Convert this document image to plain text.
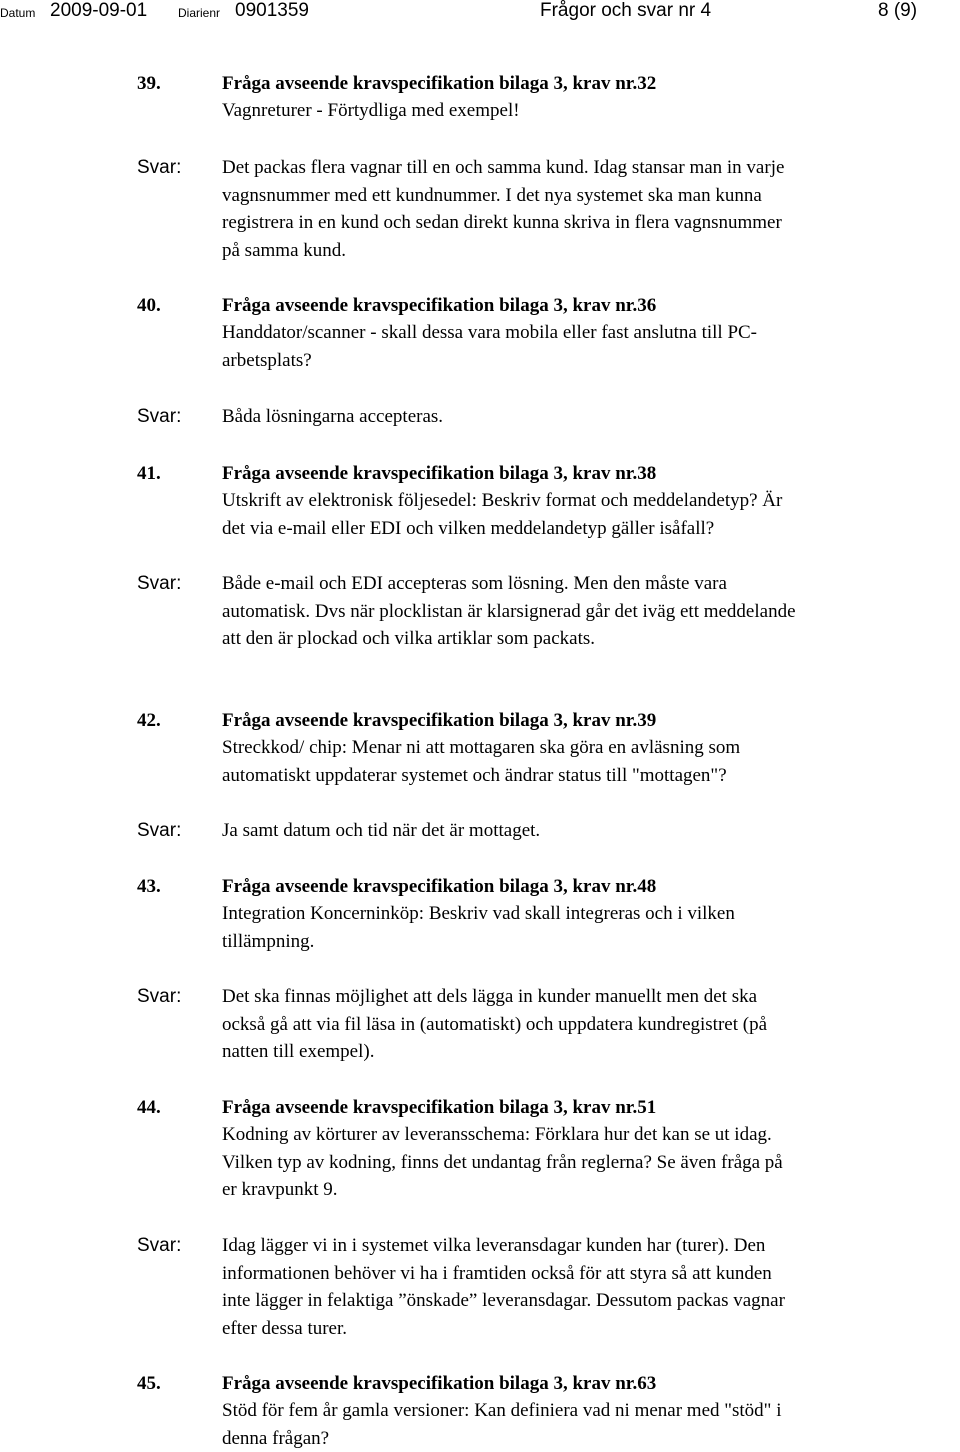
Datum 2009-09-01	Diarienr 0901359	Frågor och svar nr 4	8 (9)
39.	Fråga avseende kravspecifikation bilaga 3, krav nr.32
Vagnreturer - Förtydliga med exempel!
Svar: Det packas flera vagnar till en och samma kund. Idag stansar man in varje
vagnsnummer med ett kundnummer. I det nya systemet ska man kunna
registrera in en kund och sedan direkt kunna skriva in flera vagnsnummer
på samma kund.
40.	Fråga avseende kravspecifikation bilaga 3, krav nr.36
Handdator/scanner - skall dessa vara mobila eller fast anslutna till PC-
arbetsplats?
Svar: Båda lösningarna accepteras.
41.	Fråga avseende kravspecifikation bilaga 3, krav nr.38
Utskrift av elektronisk följesedel: Beskriv format och meddelandetyp? Är
det via e-mail eller EDI och vilken meddelandetyp gäller isåfall?
Svar: Både e-mail och EDI accepteras som lösning. Men den måste vara
automatisk. Dvs när plocklistan är klarsignerad går det iväg ett meddelande
att den är plockad och vilka artiklar som packats.
42.	Fråga avseende kravspecifikation bilaga 3, krav nr.39
Streckkod/ chip: Menar ni att mottagaren ska göra en avläsning som
automatiskt uppdaterar systemet och ändrar status till "mottagen"?
Svar: Ja samt datum och tid när det är mottaget.
43.	Fråga avseende kravspecifikation bilaga 3, krav nr.48
Integration Koncerninköp: Beskriv vad skall integreras och i vilken
tillämpning.
Svar: Det ska finnas möjlighet att dels lägga in kunder manuellt men det ska
också gå att via fil läsa in (automatiskt) och uppdatera kundregistret (på
natten till exempel).
44.	Fråga avseende kravspecifikation bilaga 3, krav nr.51
Kodning av körturer av leveransschema: Förklara hur det kan se ut idag.
Vilken typ av kodning, finns det undantag från reglerna? Se även fråga på
er kravpunkt 9.
Svar: Idag lägger vi in i systemet vilka leveransdagar kunden har (turer). Den
informationen behöver vi ha i framtiden också för att styra så att kunden
inte lägger in felaktiga ”önskade” leveransdagar. Dessutom packas vagnar
efter dessa turer.
45.	Fråga avseende kravspecifikation bilaga 3, krav nr.63
Stöd för fem år gamla versioner: Kan definiera vad ni menar med "stöd" i
denna frågan?
